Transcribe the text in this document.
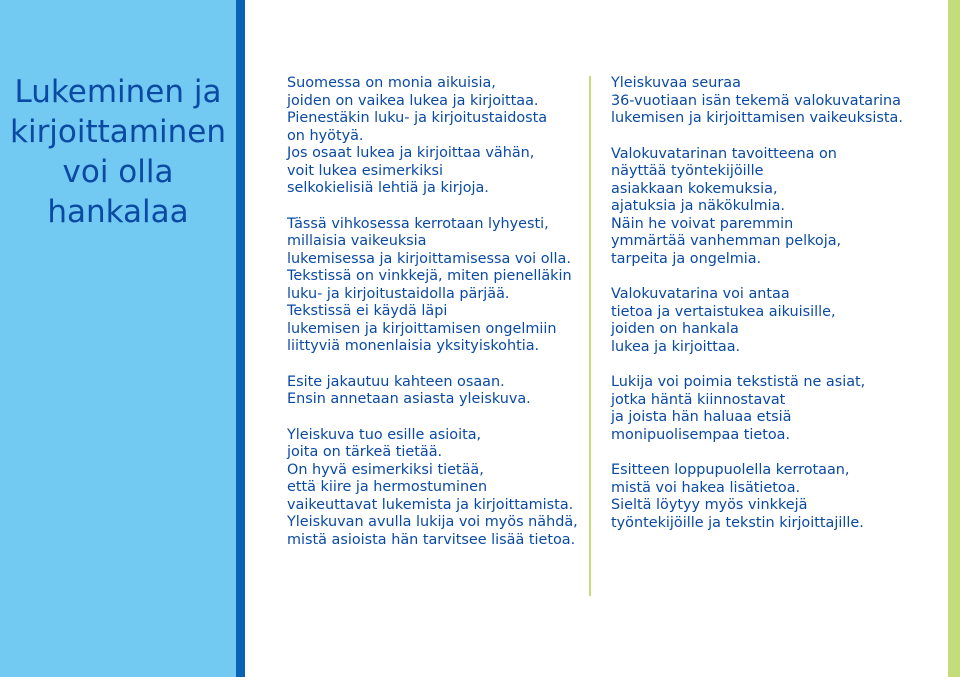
Lukeminen ja
kirjoittaminen
voi olla
hankalaa

Suomessa on monia aikuisia,
joiden on vaikea lukea ja kirjoittaa.
Pienestäkin luku- ja kirjoitustaidosta
on hyötyä.
Jos osaat lukea ja kirjoittaa vähän,
voit lukea esimerkiksi
selkokielisiä lehtiä ja kirjoja.

Tässä vihkosessa kerrotaan lyhyesti,
millaisia vaikeuksia
lukemisessa ja kirjoittamisessa voi olla.
Tekstissä on vinkkejä, miten pienelläkin
luku- ja kirjoitustaidolla pärjää.
Tekstissä ei käydä läpi
lukemisen ja kirjoittamisen ongelmiin
liittyviä monenlaisia yksityiskohtia.

Esite jakautuu kahteen osaan.
Ensin annetaan asiasta yleiskuva.

Yleiskuva tuo esille asioita,
joita on tärkeä tietää.
On hyvä esimerkiksi tietää,
että kiire ja hermostuminen
vaikeuttavat lukemista ja kirjoittamista.
Yleiskuvan avulla lukija voi myös nähdä,
mistä asioista hän tarvitsee lisää tietoa.

Yleiskuvaa seuraa
36-vuotiaan isän tekemä valokuvatarina
lukemisen ja kirjoittamisen vaikeuksista.

Valokuvatarinan tavoitteena on
näyttää työntekijöille
asiakkaan kokemuksia,
ajatuksia ja näkökulmia.
Näin he voivat paremmin
ymmärtää vanhemman pelkoja,
tarpeita ja ongelmia.

Valokuvatarina voi antaa
tietoa ja vertaistukea aikuisille,
joiden on hankala
lukea ja kirjoittaa.

Lukija voi poimia tekstistä ne asiat,
jotka häntä kiinnostavat
ja joista hän haluaa etsiä
monipuolisempaa tietoa.

Esitteen loppupuolella kerrotaan,
mistä voi hakea lisätietoa.
Sieltä löytyy myös vinkkejä
työntekijöille ja tekstin kirjoittajille.
